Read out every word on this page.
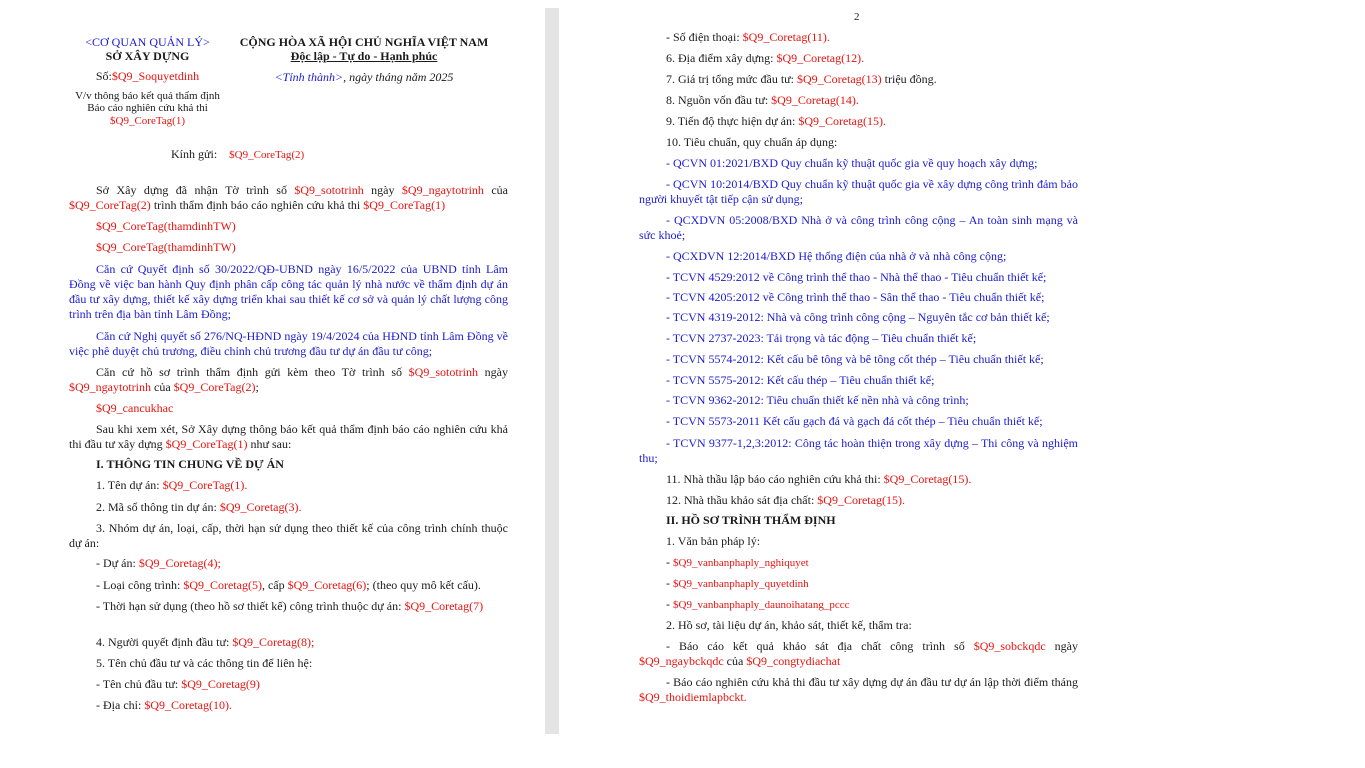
<CƠ QUAN QUẢN LÝ>
SỞ XÂY DỰNG
Số:$Q9_Soquyetdinh
V/v thông báo kết quả thẩm định
Báo cáo nghiên cứu khả thi
$Q9_CoreTag(1)
CỘNG HÒA XÃ HỘI CHỦ NGHĨA VIỆT NAM
Độc lập - Tự do - Hạnh phúc
<Tỉnh thành>, ngày tháng năm 2025
Kính gửi: $Q9_CoreTag(2)
Sở Xây dựng đã nhận Tờ trình số $Q9_sototrinh ngày $Q9_ngaytotrinh của $Q9_CoreTag(2) trình thẩm định báo cáo nghiên cứu khả thi $Q9_CoreTag(1)
$Q9_CoreTag(thamdinhTW)
$Q9_CoreTag(thamdinhTW)
Căn cứ Quyết định số 30/2022/QĐ-UBND ngày 16/5/2022 của UBND tỉnh Lâm Đồng về việc ban hành Quy định phân cấp công tác quản lý nhà nước về thẩm định dự án đầu tư xây dựng, thiết kế xây dựng triển khai sau thiết kế cơ sở và quản lý chất lượng công trình trên địa bàn tỉnh Lâm Đồng;
Căn cứ Nghị quyết số 276/NQ-HĐND ngày 19/4/2024 của HĐND tỉnh Lâm Đồng về việc phê duyệt chủ trương, điều chỉnh chủ trương đầu tư dự án đầu tư công;
Căn cứ hồ sơ trình thẩm định gửi kèm theo Tờ trình số $Q9_sototrinh ngày $Q9_ngaytotrinh của $Q9_CoreTag(2);
$Q9_cancukhac
Sau khi xem xét, Sở Xây dựng thông báo kết quả thẩm định báo cáo nghiên cứu khả thi đầu tư xây dựng $Q9_CoreTag(1) như sau:
I. THÔNG TIN CHUNG VỀ DỰ ÁN
1. Tên dự án: $Q9_CoreTag(1).
2. Mã số thông tin dự án: $Q9_Coretag(3).
3. Nhóm dự án, loại, cấp, thời hạn sử dụng theo thiết kế của công trình chính thuộc dự án:
- Dự án: $Q9_Coretag(4);
- Loại công trình: $Q9_Coretag(5), cấp $Q9_Coretag(6); (theo quy mô kết cấu).
- Thời hạn sử dụng (theo hồ sơ thiết kế) công trình thuộc dự án: $Q9_Coretag(7)
4. Người quyết định đầu tư: $Q9_Coretag(8);
5. Tên chủ đầu tư và các thông tin để liên hệ:
- Tên chủ đầu tư: $Q9_Coretag(9)
- Địa chỉ: $Q9_Coretag(10).
2
- Số điện thoại: $Q9_Coretag(11).
6. Địa điểm xây dựng: $Q9_Coretag(12).
7. Giá trị tổng mức đầu tư: $Q9_Coretag(13) triệu đồng.
8. Nguồn vốn đầu tư: $Q9_Coretag(14).
9. Tiến độ thực hiện dự án: $Q9_Coretag(15).
10. Tiêu chuẩn, quy chuẩn áp dụng:
- QCVN 01:2021/BXD Quy chuẩn kỹ thuật quốc gia về quy hoạch xây dựng;
- QCVN 10:2014/BXD Quy chuẩn kỹ thuật quốc gia về xây dựng công trình đảm bảo người khuyết tật tiếp cận sử dụng;
- QCXDVN 05:2008/BXD Nhà ở và công trình công cộng – An toàn sinh mạng và sức khoẻ;
- QCXDVN 12:2014/BXD Hệ thống điện của nhà ở và nhà công cộng;
- TCVN 4529:2012 về Công trình thể thao - Nhà thể thao - Tiêu chuẩn thiết kế;
- TCVN 4205:2012 về Công trình thể thao - Sân thể thao - Tiêu chuẩn thiết kế;
- TCVN 4319-2012: Nhà và công trình công cộng – Nguyên tắc cơ bản thiết kế;
- TCVN 2737-2023: Tải trọng và tác động – Tiêu chuẩn thiết kế;
- TCVN 5574-2012: Kết cấu bê tông và bê tông cốt thép – Tiêu chuẩn thiết kế;
- TCVN 5575-2012: Kết cấu thép – Tiêu chuẩn thiết kế;
- TCVN 9362-2012: Tiêu chuẩn thiết kế nền nhà và công trình;
- TCVN 5573-2011 Kết cấu gạch đá và gạch đá cốt thép – Tiêu chuẩn thiết kế;
- TCVN 9377-1,2,3:2012: Công tác hoàn thiện trong xây dựng – Thi công và nghiệm thu;
11. Nhà thầu lập báo cáo nghiên cứu khả thi: $Q9_Coretag(15).
12. Nhà thầu khảo sát địa chất: $Q9_Coretag(15).
II. HỒ SƠ TRÌNH THẨM ĐỊNH
1. Văn bản pháp lý:
- $Q9_vanbanphaply_nghiquyet
- $Q9_vanbanphaply_quyetdinh
- $Q9_vanbanphaply_daunoihatang_pccc
2. Hồ sơ, tài liệu dự án, khảo sát, thiết kế, thẩm tra:
- Báo cáo kết quả khảo sát địa chất công trình số $Q9_sobckqdc ngày $Q9_ngaybckqdc của $Q9_congtydiachat
- Báo cáo nghiên cứu khả thi đầu tư xây dựng dự án đầu tư dự án lập thời điểm tháng $Q9_thoidiemlapbckt.
